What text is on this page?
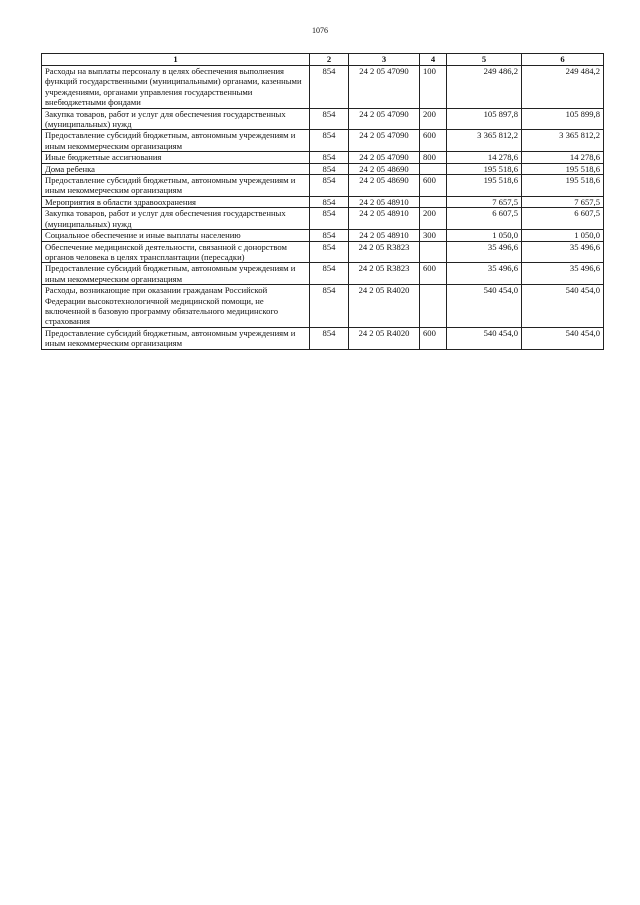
1076
1	2	3	4	5	6
Расходы на выплаты персоналу в целях обеспечения выполнения функций государственными (муниципальными) органами, казенными учреждениями, органами управления государственными внебюджетными фондами	854	24 2 05 47090	100	249 486,2	249 484,2
Закупка товаров, работ и услуг для обеспечения государственных (муниципальных) нужд	854	24 2 05 47090	200	105 897,8	105 899,8
Предоставление субсидий бюджетным, автономным учреждениям и иным некоммерческим организациям	854	24 2 05 47090	600	3 365 812,2	3 365 812,2
Иные бюджетные ассигнования	854	24 2 05 47090	800	14 278,6	14 278,6
Дома ребенка	854	24 2 05 48690		195 518,6	195 518,6
Предоставление субсидий бюджетным, автономным учреждениям и иным некоммерческим организациям	854	24 2 05 48690	600	195 518,6	195 518,6
Мероприятия в области здравоохранения	854	24 2 05 48910		7 657,5	7 657,5
Закупка товаров, работ и услуг для обеспечения государственных (муниципальных) нужд	854	24 2 05 48910	200	6 607,5	6 607,5
Социальное обеспечение и иные выплаты населению	854	24 2 05 48910	300	1 050,0	1 050,0
Обеспечение медицинской деятельности, связанной с донорством органов человека в целях трансплантации (пересадки)	854	24 2 05 R3823		35 496,6	35 496,6
Предоставление субсидий бюджетным, автономным учреждениям и иным некоммерческим организациям	854	24 2 05 R3823	600	35 496,6	35 496,6
Расходы, возникающие при оказании гражданам Российской Федерации высокотехнологичной медицинской помощи, не включенной в базовую программу обязательного медицинского страхования	854	24 2 05 R4020		540 454,0	540 454,0
Предоставление субсидий бюджетным, автономным учреждениям и иным некоммерческим организациям	854	24 2 05 R4020	600	540 454,0	540 454,0
